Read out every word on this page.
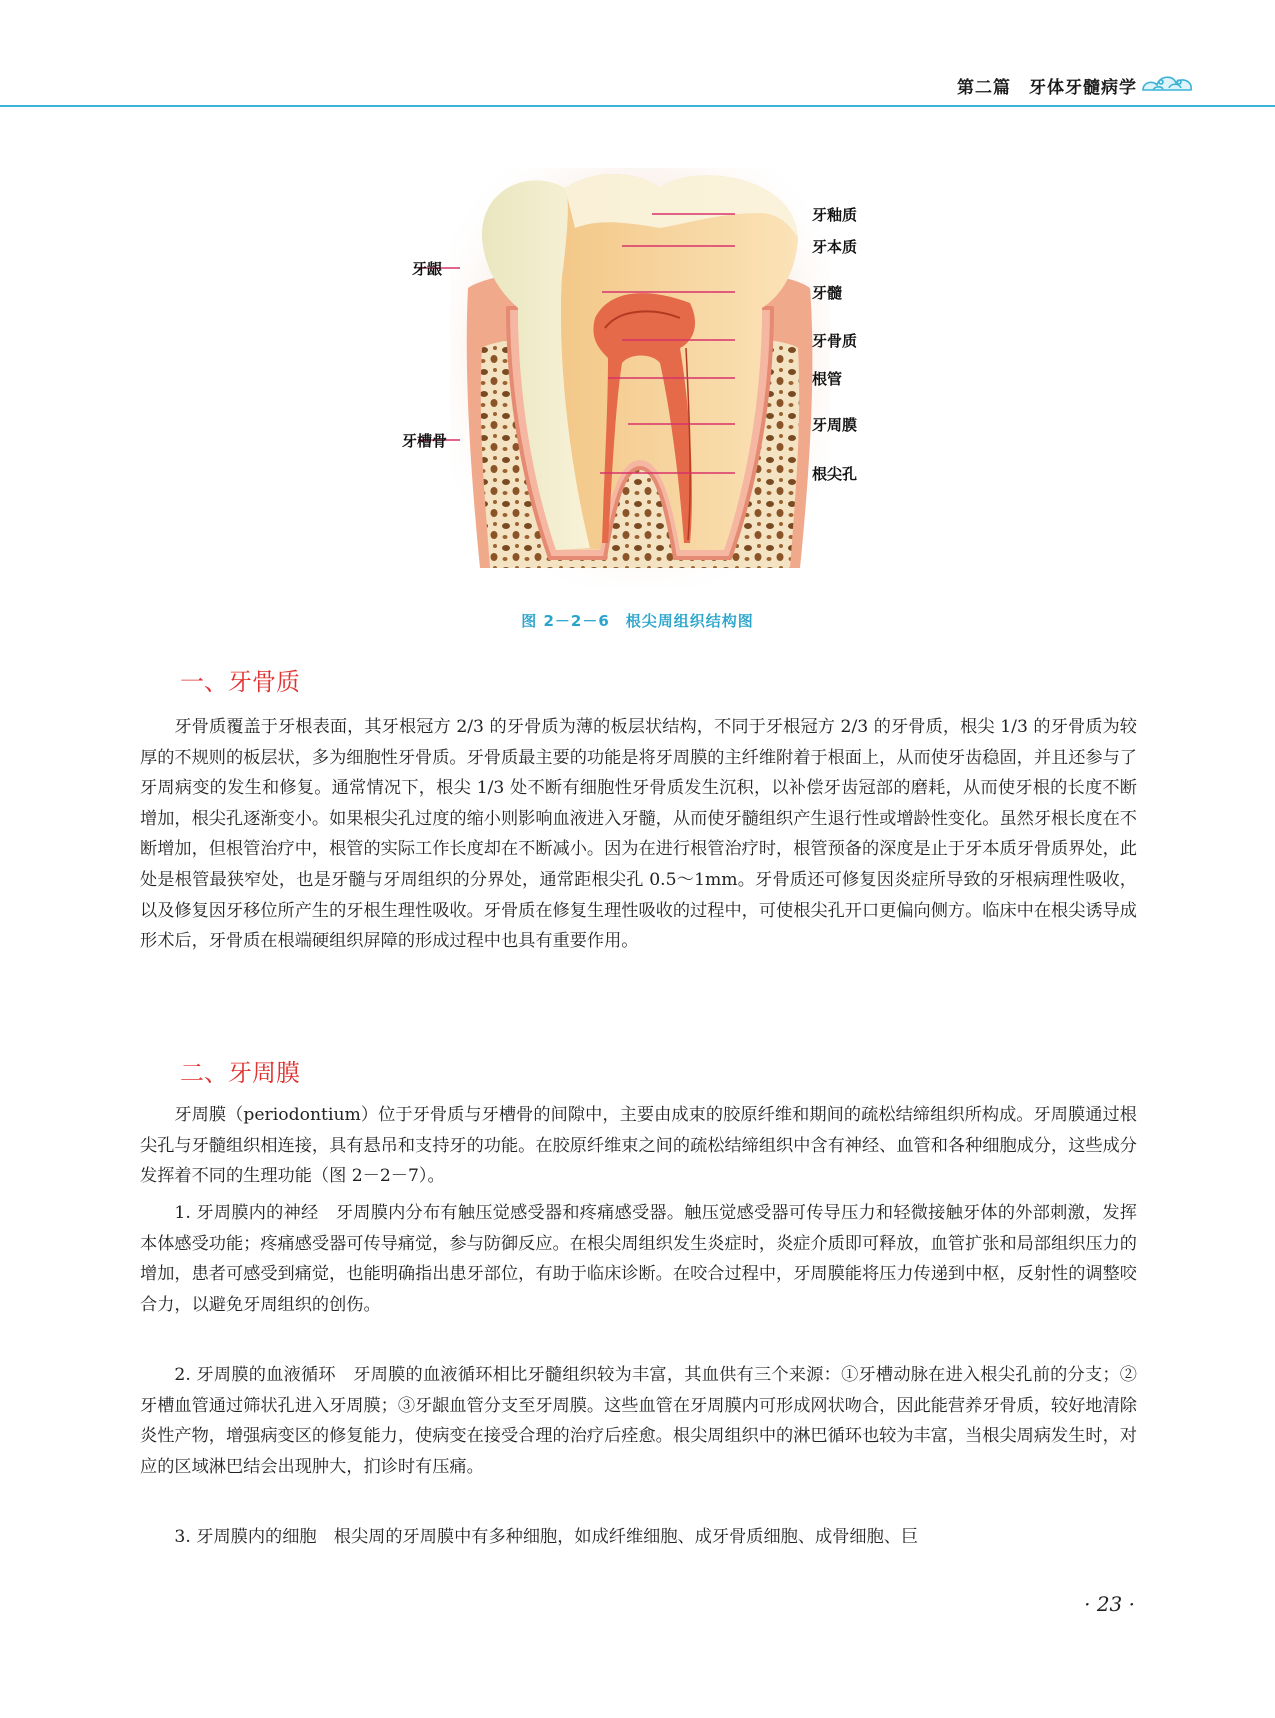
第二篇　牙体牙髓病学
牙釉质
牙本质
牙龈
牙髓
牙骨质
根管
牙周膜
牙槽骨
根尖孔
图 2－2－6　根尖周组织结构图
一、牙骨质

牙骨质覆盖于牙根表面，其牙根冠方 2/3 的牙骨质为薄的板层状结构，不同于牙根冠方 2/3 的牙骨质，根尖 1/3 的牙骨质为较厚的不规则的板层状，多为细胞性牙骨质。牙骨质最主要的功能是将牙周膜的主纤维附着于根面上，从而使牙齿稳固，并且还参与了牙周病变的发生和修复。通常情况下，根尖 1/3 处不断有细胞性牙骨质发生沉积，以补偿牙齿冠部的磨耗，从而使牙根的长度不断增加，根尖孔逐渐变小。如果根尖孔过度的缩小则影响血液进入牙髓，从而使牙髓组织产生退行性或增龄性变化。虽然牙根长度在不断增加，但根管治疗中，根管的实际工作长度却在不断减小。因为在进行根管治疗时，根管预备的深度是止于牙本质牙骨质界处，此处是根管最狭窄处，也是牙髓与牙周组织的分界处，通常距根尖孔 0.5～1mm。牙骨质还可修复因炎症所导致的牙根病理性吸收，以及修复因牙移位所产生的牙根生理性吸收。牙骨质在修复生理性吸收的过程中，可使根尖孔开口更偏向侧方。临床中在根尖诱导成形术后，牙骨质在根端硬组织屏障的形成过程中也具有重要作用。

二、牙周膜

牙周膜（periodontium）位于牙骨质与牙槽骨的间隙中，主要由成束的胶原纤维和期间的疏松结缔组织所构成。牙周膜通过根尖孔与牙髓组织相连接，具有悬吊和支持牙的功能。在胶原纤维束之间的疏松结缔组织中含有神经、血管和各种细胞成分，这些成分发挥着不同的生理功能（图 2－2－7）。

1. 牙周膜内的神经　牙周膜内分布有触压觉感受器和疼痛感受器。触压觉感受器可传导压力和轻微接触牙体的外部刺激，发挥本体感受功能；疼痛感受器可传导痛觉，参与防御反应。在根尖周组织发生炎症时，炎症介质即可释放，血管扩张和局部组织压力的增加，患者可感受到痛觉，也能明确指出患牙部位，有助于临床诊断。在咬合过程中，牙周膜能将压力传递到中枢，反射性的调整咬合力，以避免牙周组织的创伤。

2. 牙周膜的血液循环　牙周膜的血液循环相比牙髓组织较为丰富，其血供有三个来源：①牙槽动脉在进入根尖孔前的分支；②牙槽血管通过筛状孔进入牙周膜；③牙龈血管分支至牙周膜。这些血管在牙周膜内可形成网状吻合，因此能营养牙骨质，较好地清除炎性产物，增强病变区的修复能力，使病变在接受合理的治疗后痊愈。根尖周组织中的淋巴循环也较为丰富，当根尖周病发生时，对应的区域淋巴结会出现肿大，扪诊时有压痛。

3. 牙周膜内的细胞　根尖周的牙周膜中有多种细胞，如成纤维细胞、成牙骨质细胞、成骨细胞、巨

· 23 ·
